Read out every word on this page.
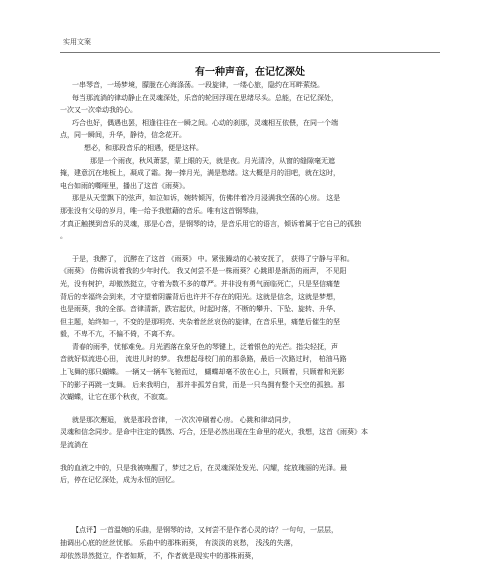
实用文案
有一种声音，在记忆深处
一串琴音，一场梦境，朦胧在心海涤荡。一段旋律，一缕心旅，隐约在耳畔萦绕。
每当那流淌的律动静止在灵魂深处，乐音的轮回浮现在思绪尽头。总能，在记忆深处，
一次又一次牵动我的心。
巧合也好，偶遇也罢，相逢往往在一瞬之间。心动的刹那，灵魂相互依偎，在同一个端
点，同一瞬间，升华，静待，信念花开。
想必，和那段音乐的相遇，便是这样。
那是一个雨夜，秋风萧瑟，蒙上眼的天，就是夜。月光清冷，从窗的缝隙毫无遮
掩，建意沉在地板上，凝成了霜。掬一捧月光，满是愁绪。这大概是月的泪吧，就在这时，
电台如雨的嘶哑里，播出了这首《雨葵》。
那是从天堂飘下的弦声，如泣如诉，婉转倾泻，仿佛伴着冷月浸满我空荡的心房。 这是
那张没有父母的岁月，唯一给予我慰藉的音乐。唯有这首钢琴曲，
才真正触摸到音乐的灵魂，那是心音，是钢琴的诗，是音乐用它的语言，倾诉着属于它自己的孤独
。
于是，我醉了， 沉醉在了这首 《雨葵》 中。紧张躁动的心被安抚了， 获得了宁静与平和。
《雨葵》 仿佛诉说着我的少年时代。 我又何尝不是一株雨葵？心跳即是渐沥的雨声， 不见阳
光，没有树护，却傲然挺立，守着为数不多的尊严。并非没有勇气面临死亡，只是坚信痛楚
背后的幸福终会到来，才守望着阴霾背后也许并不存在的阳光。这就是信念，这就是梦想，
也是雨葵，我的全部。音律清新，跌宕起伏，时起时落，不断的攀升、下坠、旋转、升华、
但主题，始终如一，不变的是那明亮、夹杂着丝丝哀伤的旋律，在音乐里，痛楚后催生的坚
毅，不卑不亢，不偏不倚，不离不弃。
青春的雨季，忧郁难免。月光洒落在象牙色的琴键上，泛着银色的光芒。指尖轻抚，声
音就好似流进心田， 流进儿时的梦。 我想起母校门前的那条路，最后一次路过时， 柏油马路
上飞舞的那只蝴蝶。 一辆又一辆车飞驰而过， 蝴蝶却毫不放在心上，只顾着，只顾着和光影
下的影子再跳一支舞。 后来我明白， 那并非孤芳自赏，而是一只鸟拥有整个天空的孤独。那
次蝴蝶，让它在那个秋夜，不寂寞。
就是那次邂逅， 就是那段音律， 一次次冲刷着心房。 心跳和律动同步，
灵魂和信念同步。是命中注定的偶然、巧合，还是必然出现在生命里的花火，我想，这首《雨葵》本
是流淌在
我的血液之中的，只是我被唤醒了，梦过之后，在灵魂深处发光、闪耀，绽放瑰丽的光泽。最
后，停在记忆深处，成为永恒的回忆。
【点评】一首温婉的乐曲，是钢琴的诗，又何尝不是作者心灵的诗？一句句，一层层，
抽调出心底的丝丝忧郁。 乐曲中的那株雨葵， 有淡淡的哀愁， 浅浅的失落，
却依然昂然挺立，作者如斯， 不，作者就是现实中的那株雨葵，
